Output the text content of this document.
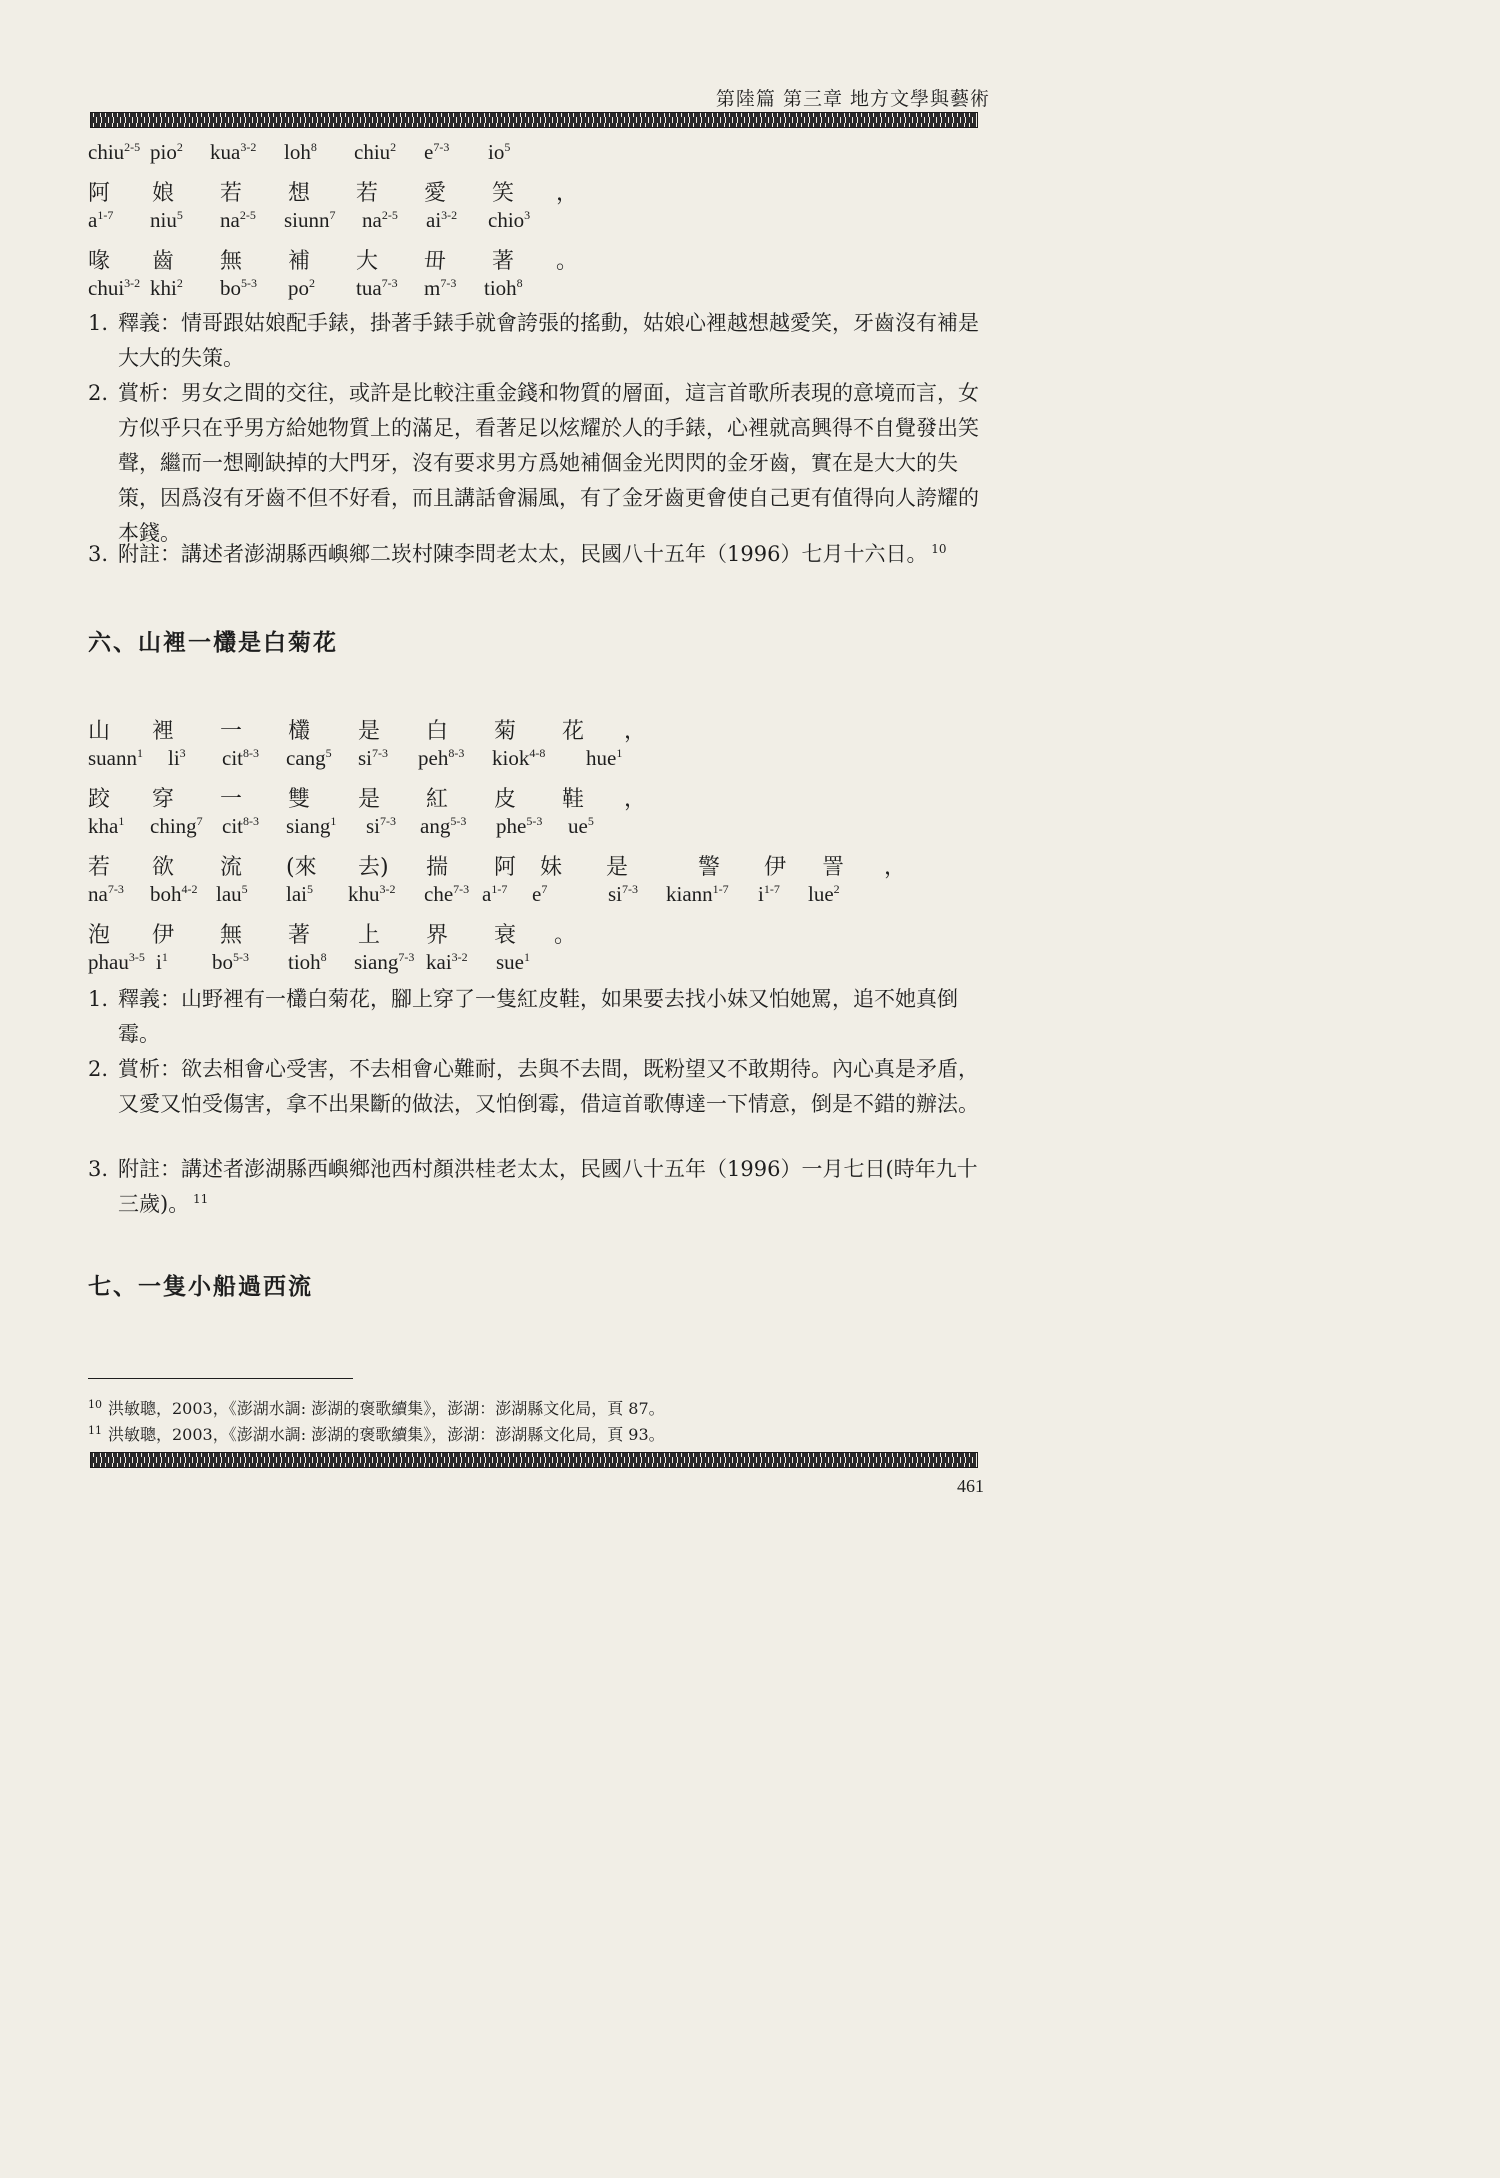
第陸篇 第三章 地方文學與藝術
chiu$^{2-5}$ pio$^2$ kua$^{3-2}$ loh$^8$ chiu$^2$ $e^{7-3}$ $io^5$
阿 娘 若 想 若 愛 笑 ，
$a^{1-7}$ niu$^5$ $na^{2-5}$ siunn$^7$ $na^{2-5}$ $ai^{3-2}$ chio$^3$
喙 齒 無 補 大 毌 著 。
chui$^{3-2}$ khi$^2$ $bo^{5-3}$ $po^2$ tua$^{7-3}$ $m^{7-3}$ tioh$^8$
1. 釋義：情哥跟姑娘配手錶，掛著手錶手就會誇張的搖動，姑娘心裡越想越愛笑，牙齒沒有補是大大的失策。
2. 賞析：男女之間的交往，或許是比較注重金錢和物質的層面，這言首歌所表現的意境而言，女方似乎只在乎男方給她物質上的滿足，看著足以炫耀於人的手錶，心裡就高興得不自覺發出笑聲，繼而一想剛缺掉的大門牙，沒有要求男方爲她補個金光閃閃的金牙齒，實在是大大的失策，因爲沒有牙齒不但不好看，而且講話會漏風，有了金牙齒更會使自己更有值得向人誇耀的本錢。
3. 附註：講述者澎湖縣西嶼鄉二崁村陳李問老太太，民國八十五年（1996）七月十六日。 $^{10}$
六、山裡一欉是白菊花
山 裡 一 欉 是 白 菊 花 ，
suann$^1$ $li^3$ cit$^{8-3}$ cang$^5$ $si^{7-3}$ peh$^{8-3}$ kiok$^{4-8}$ hue$^1$
跤 穿 一 雙 是 紅 皮 鞋 ，
kha$^1$ ching$^7$ cit$^{8-3}$ siang$^1$ $si^{7-3}$ ang$^{5-3}$ phe$^{5-3}$ $ue^5$
若 欲 流 (來 去) 揣 阿 妹 是	警 伊 詈 ，
$na^{7-3}$ boh$^{4-2}$ lau$^5$ lai$^5$ khu$^{3-2}$ che$^{7-3}$ $a^{1-7}$ $e^7$	$si^{7-3}$ kiann$^{1-7}$ $i^{1-7}$ lue$^2$
泡 伊 無 著 上 界 衰 。
phau$^{3-5}$ $i^1$ $bo^{5-3}$ tioh$^8$ siang$^{7-3}$ kai$^{3-2}$ sue$^1$
1. 釋義：山野裡有一欉白菊花，腳上穿了一隻紅皮鞋，如果要去找小妹又怕她罵，追不她真倒霉。
2. 賞析：欲去相會心受害，不去相會心難耐，去與不去間，既粉望又不敢期待。內心真是矛盾，又愛又怕受傷害，拿不出果斷的做法，又怕倒霉，借這首歌傳達一下情意，倒是不錯的辦法。
3. 附註：講述者澎湖縣西嶼鄉池西村顏洪桂老太太，民國八十五年（1996）一月七日(時年九十三歲)。 $^{11}$
七、一隻小船過西流
$^{10}$ 洪敏聰，2003，《澎湖水調: 澎湖的褒歌續集》，澎湖：澎湖縣文化局，頁 87。
$^{11}$ 洪敏聰，2003，《澎湖水調: 澎湖的褒歌續集》，澎湖：澎湖縣文化局，頁 93。
461
